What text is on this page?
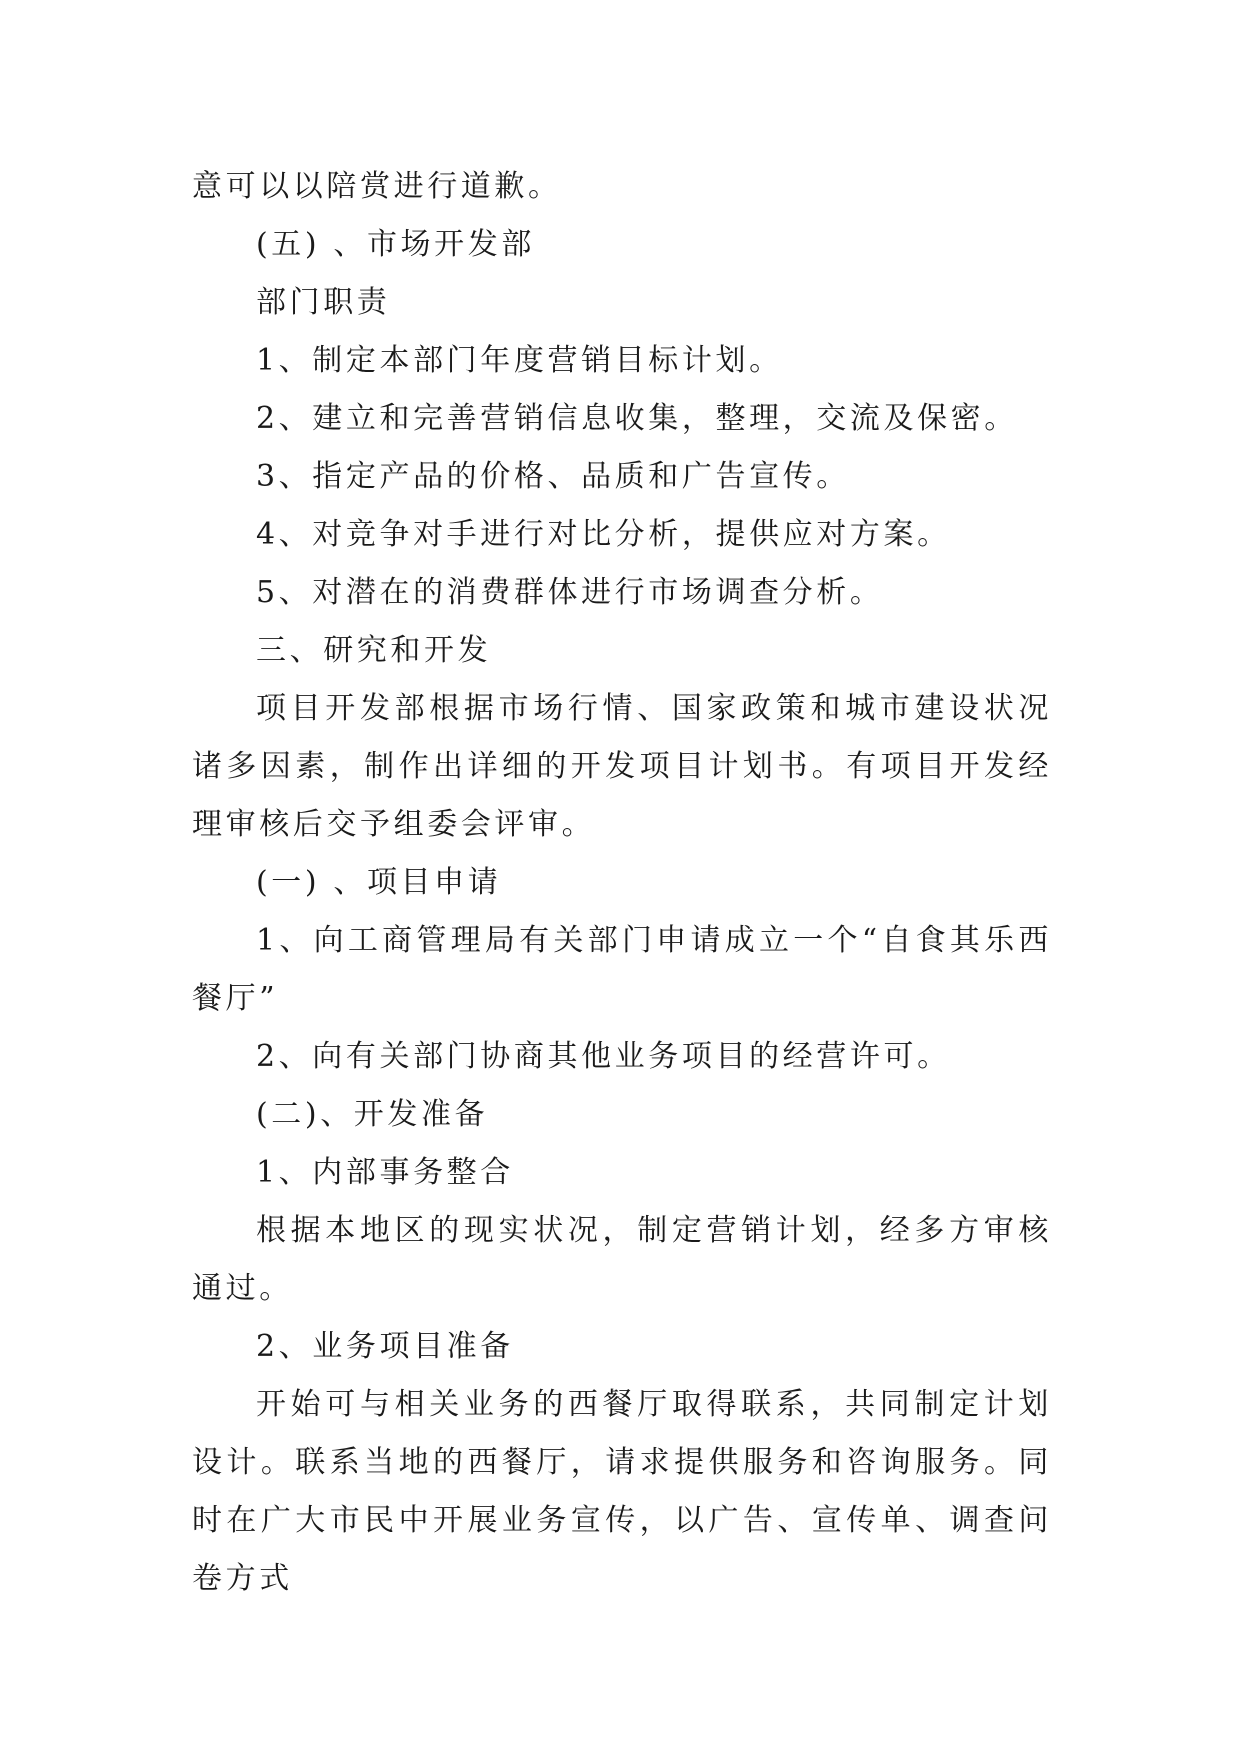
意可以以陪赏进行道歉。

(五) 、市场开发部

部门职责

1、制定本部门年度营销目标计划。

2、建立和完善营销信息收集，整理，交流及保密。

3、指定产品的价格、品质和广告宣传。

4、对竞争对手进行对比分析，提供应对方案。

5、对潜在的消费群体进行市场调查分析。

三、研究和开发

项目开发部根据市场行情、国家政策和城市建设状况诸多因素，制作出详细的开发项目计划书。有项目开发经理审核后交予组委会评审。

(一) 、项目申请

1、向工商管理局有关部门申请成立一个“自食其乐西餐厅”

2、向有关部门协商其他业务项目的经营许可。

(二)、开发准备

1、内部事务整合

根据本地区的现实状况，制定营销计划，经多方审核通过。

2、业务项目准备

开始可与相关业务的西餐厅取得联系，共同制定计划设计。联系当地的西餐厅，请求提供服务和咨询服务。同时在广大市民中开展业务宣传，以广告、宣传单、调查问卷方式
